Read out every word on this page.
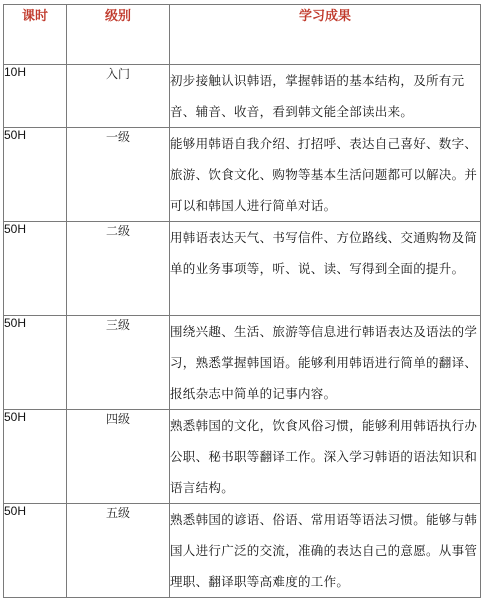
课时	级别	学习成果
10H	入门	初步接触认识韩语，掌握韩语的基本结构，及所有元音、辅音、收音，看到韩文能全部读出来。
50H	一级	能够用韩语自我介绍、打招呼、表达自己喜好、数字、旅游、饮食文化、购物等基本生活问题都可以解决。并可以和韩国人进行简单对话。
50H	二级	用韩语表达天气、书写信件、方位路线、交通购物及简单的业务事项等，听、说、读、写得到全面的提升。
50H	三级	围绕兴趣、生活、旅游等信息进行韩语表达及语法的学习，熟悉掌握韩国语。能够利用韩语进行简单的翻译、报纸杂志中简单的记事内容。
50H	四级	熟悉韩国的文化，饮食风俗习惯，能够利用韩语执行办公职、秘书职等翻译工作。深入学习韩语的语法知识和语言结构。
50H	五级	熟悉韩国的谚语、俗语、常用语等语法习惯。能够与韩国人进行广泛的交流，准确的表达自己的意愿。从事管理职、翻译职等高难度的工作。
